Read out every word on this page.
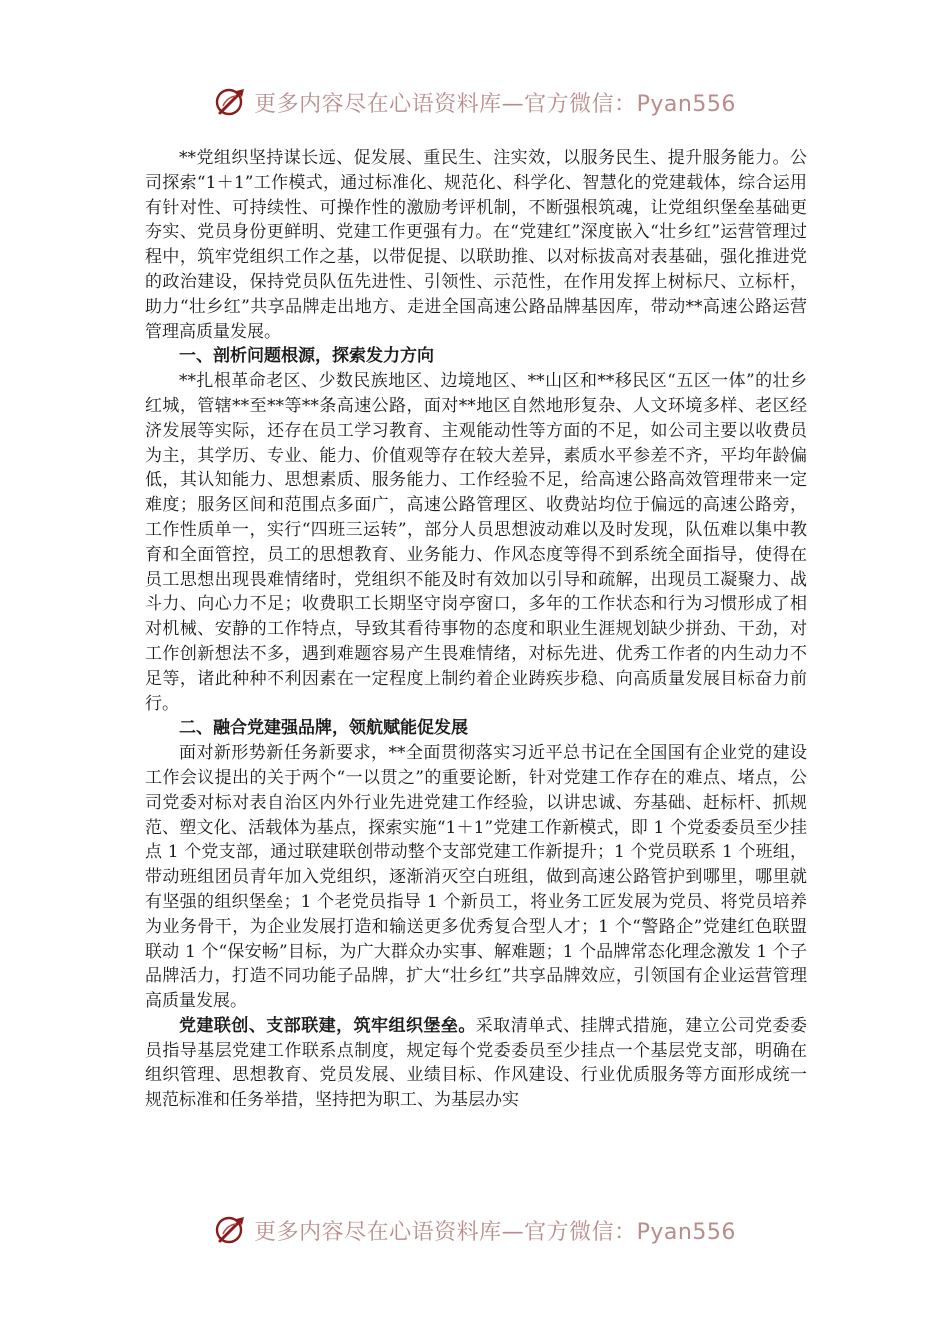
更多内容尽在心语资料库—官方微信：Pyan556

**党组织坚持谋长远、促发展、重民生、注实效，以服务民生、提升服务能力。公司探索“1＋1”工作模式，通过标准化、规范化、科学化、智慧化的党建载体，综合运用有针对性、可持续性、可操作性的激励考评机制，不断强根筑魂，让党组织堡垒基础更夯实、党员身份更鲜明、党建工作更强有力。在“党建红”深度嵌入“壮乡红”运营管理过程中，筑牢党组织工作之基，以带促提、以联助推、以对标拔高对表基础，强化推进党的政治建设，保持党员队伍先进性、引领性、示范性，在作用发挥上树标尺、立标杆，助力“壮乡红”共享品牌走出地方、走进全国高速公路品牌基因库，带动**高速公路运营管理高质量发展。

一、剖析问题根源，探索发力方向

**扎根革命老区、少数民族地区、边境地区、**山区和**移民区“五区一体”的壮乡红城，管辖**至**等**条高速公路，面对**地区自然地形复杂、人文环境多样、老区经济发展等实际，还存在员工学习教育、主观能动性等方面的不足，如公司主要以收费员为主，其学历、专业、能力、价值观等存在较大差异，素质水平参差不齐，平均年龄偏低，其认知能力、思想素质、服务能力、工作经验不足，给高速公路高效管理带来一定难度；服务区间和范围点多面广，高速公路管理区、收费站均位于偏远的高速公路旁，工作性质单一，实行“四班三运转”，部分人员思想波动难以及时发现，队伍难以集中教育和全面管控，员工的思想教育、业务能力、作风态度等得不到系统全面指导，使得在员工思想出现畏难情绪时，党组织不能及时有效加以引导和疏解，出现员工凝聚力、战斗力、向心力不足；收费职工长期坚守岗亭窗口，多年的工作状态和行为习惯形成了相对机械、安静的工作特点，导致其看待事物的态度和职业生涯规划缺少拼劲、干劲，对工作创新想法不多，遇到难题容易产生畏难情绪，对标先进、优秀工作者的内生动力不足等，诸此种种不利因素在一定程度上制约着企业踌疾步稳、向高质量发展目标奋力前行。

二、融合党建强品牌，领航赋能促发展

面对新形势新任务新要求，**全面贯彻落实习近平总书记在全国国有企业党的建设工作会议提出的关于两个“一以贯之”的重要论断，针对党建工作存在的难点、堵点，公司党委对标对表自治区内外行业先进党建工作经验，以讲忠诚、夯基础、赶标杆、抓规范、塑文化、活载体为基点，探索实施“1＋1”党建工作新模式，即 1 个党委委员至少挂点 1 个党支部，通过联建联创带动整个支部党建工作新提升；1 个党员联系 1 个班组，带动班组团员青年加入党组织，逐渐消灭空白班组，做到高速公路管护到哪里，哪里就有坚强的组织堡垒；1 个老党员指导 1 个新员工，将业务工匠发展为党员、将党员培养为业务骨干，为企业发展打造和输送更多优秀复合型人才；1 个“警路企”党建红色联盟联动 1 个“保安畅”目标，为广大群众办实事、解难题；1 个品牌常态化理念激发 1 个子品牌活力，打造不同功能子品牌，扩大“壮乡红”共享品牌效应，引领国有企业运营管理高质量发展。

党建联创、支部联建，筑牢组织堡垒。采取清单式、挂牌式措施，建立公司党委委员指导基层党建工作联系点制度，规定每个党委委员至少挂点一个基层党支部，明确在组织管理、思想教育、党员发展、业绩目标、作风建设、行业优质服务等方面形成统一规范标准和任务举措，坚持把为职工、为基层办实

更多内容尽在心语资料库—官方微信：Pyan556
